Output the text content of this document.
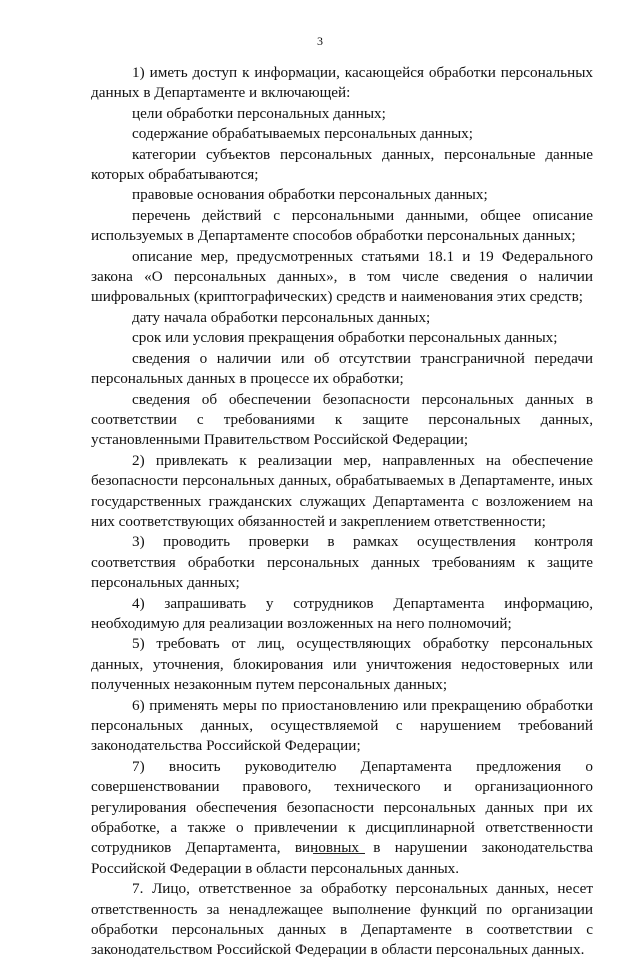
3

1) иметь доступ к информации, касающейся обработки персональных данных в Департаменте и включающей:

цели обработки персональных данных;

содержание обрабатываемых персональных данных;

категории субъектов персональных данных, персональные данные которых обрабатываются;

правовые основания обработки персональных данных;

перечень действий с персональными данными, общее описание используемых в Департаменте способов обработки персональных данных;

описание мер, предусмотренных статьями 18.1 и 19 Федерального закона «О персональных данных», в том числе сведения о наличии шифровальных (криптографических) средств и наименования этих средств;

дату начала обработки персональных данных;

срок или условия прекращения обработки персональных данных;

сведения о наличии или об отсутствии трансграничной передачи персональных данных в процессе их обработки;

сведения об обеспечении безопасности персональных данных в соответствии с требованиями к защите персональных данных, установленными Правительством Российской Федерации;

2) привлекать к реализации мер, направленных на обеспечение безопасности персональных данных, обрабатываемых в Департаменте, иных государственных гражданских служащих Департамента с возложением на них соответствующих обязанностей и закреплением ответственности;

3) проводить проверки в рамках осуществления контроля соответствия обработки персональных данных требованиям к защите персональных данных;

4) запрашивать у сотрудников Департамента информацию, необходимую для реализации возложенных на него полномочий;

5) требовать от лиц, осуществляющих обработку персональных данных, уточнения, блокирования или уничтожения недостоверных или полученных незаконным путем персональных данных;

6) применять меры по приостановлению или прекращению обработки персональных данных, осуществляемой с нарушением требований законодательства Российской Федерации;

7) вносить руководителю Департамента предложения о совершенствовании правового, технического и организационного регулирования обеспечения безопасности персональных данных при их обработке, а также о привлечении к дисциплинарной ответственности сотрудников Департамента, виновных в нарушении законодательства Российской Федерации в области персональных данных.

7. Лицо, ответственное за обработку персональных данных, несет ответственность за ненадлежащее выполнение функций по организации обработки персональных данных в Департаменте в соответствии с законодательством Российской Федерации в области персональных данных.
